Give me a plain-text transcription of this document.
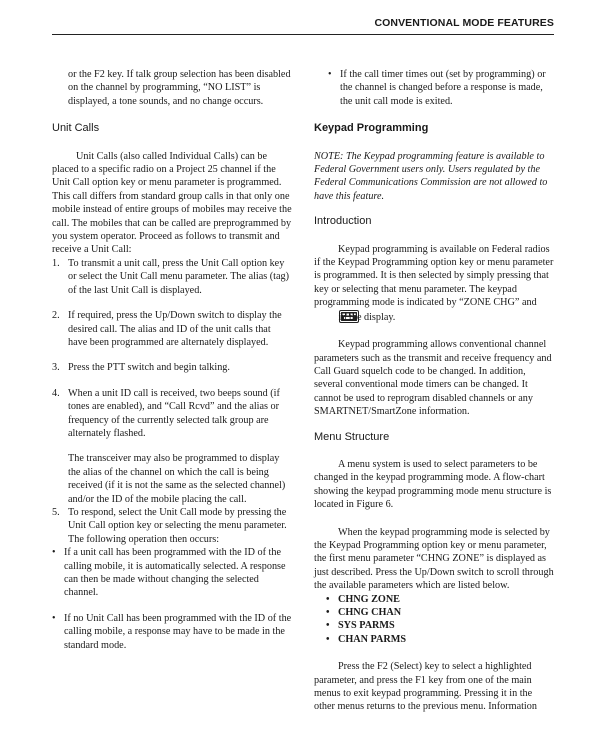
CONVENTIONAL MODE FEATURES

or the F2 key. If talk group selection has been disabled on the channel by programming, “NO LIST” is displayed, a tone sounds, and no change occurs.

Unit Calls

Unit Calls (also called Individual Calls) can be placed to a specific radio on a Project 25 channel if the Unit Call option key or menu parameter is programmed. This call differs from standard group calls in that only one mobile instead of entire groups of mobiles may receive the call. The mobiles that can be called are preprogrammed by you system operator. Proceed as follows to transmit and receive a Unit Call:

1. To transmit a unit call, press the Unit Call option key or select the Unit Call menu parameter. The alias (tag) of the last Unit Call is displayed.
2. If required, press the Up/Down switch to display the desired call. The alias and ID of the unit calls that have been programmed are alternately displayed.
3. Press the PTT switch and begin talking.
4. When a unit ID call is received, two beeps sound (if tones are enabled), and “Call Rcvd” and the alias or frequency of the currently selected talk group are alternately flashed.

The transceiver may also be programmed to display the alias of the channel on which the call is being received (if it is not the same as the selected channel) and/or the ID of the mobile placing the call.

5. To respond, select the Unit Call mode by pressing the Unit Call option key or selecting the menu parameter. The following operation then occurs:
• If a unit call has been programmed with the ID of the calling mobile, it is automatically selected. A response can then be made without changing the selected channel.
• If no Unit Call has been programmed with the ID of the calling mobile, a response may have to be made in the standard mode.
• If the call timer times out (set by programming) or the channel is changed before a response is made, the unit call mode is exited.

Keypad Programming

NOTE: The Keypad programming feature is available to Federal Government users only. Users regulated by the Federal Communications Commission are not allowed to have this feature.

Introduction

Keypad programming is available on Federal radios if the Keypad Programming option key or menu parameter is programmed. It is then selected by simply pressing that key or selecting that menu parameter. The keypad programming mode is indicated by “ZONE CHG” and  in the display.

Keypad programming allows conventional channel parameters such as the transmit and receive frequency and Call Guard squelch code to be changed. In addition, several conventional mode timers can be changed. It cannot be used to reprogram disabled channels or any SMARTNET/SmartZone information.

Menu Structure

A menu system is used to select parameters to be changed in the keypad programming mode. A flow-chart showing the keypad programming mode menu structure is located in Figure 6.

When the keypad programming mode is selected by the Keypad Programming option key or menu parameter, the first menu parameter “CHNG ZONE” is displayed as just described. Press the Up/Down switch to scroll through the available parameters which are listed below.

• CHNG ZONE
• CHNG CHAN
• SYS PARMS
• CHAN PARMS

Press the F2 (Select) key to select a highlighted parameter, and press the F1 key from one of the main menus to exit keypad programming. Pressing it in the other menus returns to the previous menu. Information
